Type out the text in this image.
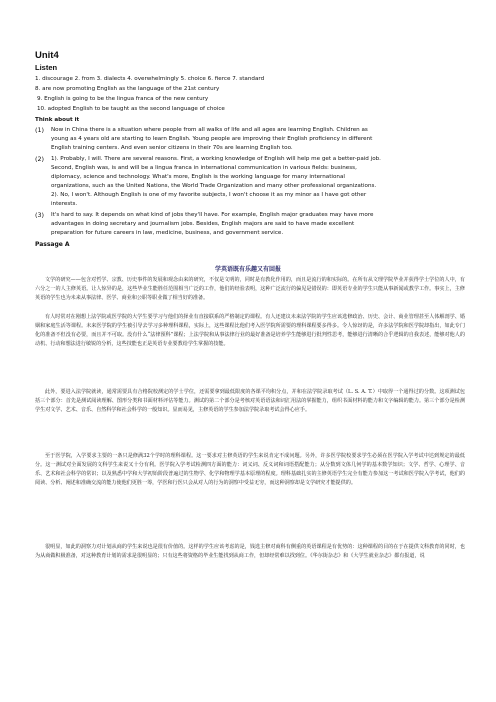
Unit4
Listen
1. discourage 2. from 3. dialects 4. overwhelmingly 5. choice 6. fierce 7. standard
8. are now promoting English as the language of the 21st century
9. English is going to be the lingua franca of the new century
10. adopted English to be taught as the second language of choice
Think about it
(1) Now in China there is a situation where people from all walks of life and all ages are learning English. Children as
young as 4 years old are starting to learn English. Young people are improving their English proficiency in different
English training centers. And even senior citizens in their 70s are learning English too.
(2) 1). Probably, I will. There are several reasons. First, a working knowledge of English will help me get a better-paid job.
Second, English was, is and will be a lingua franca in international communication in various fields: business,
diplomacy, science and technology. What's more, English is the working language for many international
organizations, such as the United Nations, the World Trade Organization and many other professional organizations.
2). No, I won't. Although English is one of my favorite subjects, I won't choose it as my minor as I have got other
interests.
(3) It's hard to say. It depends on what kind of jobs they'll have. For example, English major graduates may have more
advantages in doing secretary and journalism jobs. Besides, English majors are said to have made excellent
preparation for future careers in law, medicine, business, and government service.
Passage A
学英语既有乐趣又有回报
文学的研究——包含对哲学、宗教、历史事件的发展和观念由来的研究，不仅是文明的，同时是有教化作用的，而且是流行的和实际的。在所有从文理学院毕业并获得学士学位的人中，有六分之一的人主修英语。让人惊异的是，这些毕业生能胜任范围相当广泛的工作，他们的经验表明，这种广泛流行的偏见是错误的：即英语专业的学生只能从事新闻或教学工作。事实上，主修英语的学生也为未来从事法律、医学、商业和公职等职业做了相当好的准备。
有人时常对在刚想上法学院或医学院的大学生要学习与他们的择业有直接联系的严格制定的课程。有人还建议未来法学院的学生应该选修政治、历史、会计、商业管理甚至人体解剖学、婚姻和家庭生活等课程。未来医学院的学生被引导去学习多种理科课程，实际上，这些课程比他们考入医学院所需要的理科课程要多得多。令人惊讶的是，许多法学院和医学院却指出，如此专门化的准备不但没有必要，而且并不可取。没有什么“法律预科”课程；上法学院和从事法律行业的最好准备是培养学生能够进行批判性思考，能够进行清晰的合乎逻辑的自我表述，能够对他人的动机、行动和想法进行敏锐的分析，这些技能也正是英语专业要教给学生掌握的技能。
此外，要进入法学院就读，通常需要具有合格院校测定的学士学位，还需要拿到最低限度的各课平均积分点，并和在法学院录取考试（L. S. A. T.）中取得一个通得过的分数。这项测试包括三个部分：首先是测试阅读理解、图形分类和书面材料评估等能力。测试的第二个部分是考核对英语语法和词汇用法的掌握能力，组织书面材料的能力和文字编辑的能力。第三个部分是检测学生对文学、艺术、音乐、自然科学和社会科学的一般知识。显而易见，主修英语的学生参加法学院录取考试会得心应手。
至于医学院，入学要求主要的一条只是修满32个学时的理科课程。这一要求对主修英语的学生来说肯定不成问题。另外，许多医学院校要求学生必须在医学院入学考试中达到规定的最低分。这一测试对全面发展的文科学生来说又十分有利。医学院入学考试检测四方面的能力：词义词、反义词和词语搭配能力；从分数到文体几何学的基本数学知识；文学、哲学、心理学、音乐、艺术和社会科学的常识；以及熟悉中学和大学初始阶段普遍过的生物学、化学和物理学基本原理的程度。理科基础扎实的主修英语学生完全有能力参加这一考试和医学院入学考试，他们的阅读、分析、阐述和准确交流的能力使他们更胜一筹，学医和行医只会从对人的行为的洞察中受益无穷，而这种洞察却是文学研究才能提供的。
很明显，如此的洞察力对计划从商的学生来说也是很有价值的。这样的学生应该考虑的是，钱选主修对商科有侧重的英语课程是有优势的：这种课程的目的在于在提供文科教育的同时，也为从商做积极准备，对这种教育计划的需求是很明显的；只有这些将资格的毕业生能找到从商工作，但却经常难以找到位。《华尔街杂志》和《大学生就业杂志》都有报道，说
